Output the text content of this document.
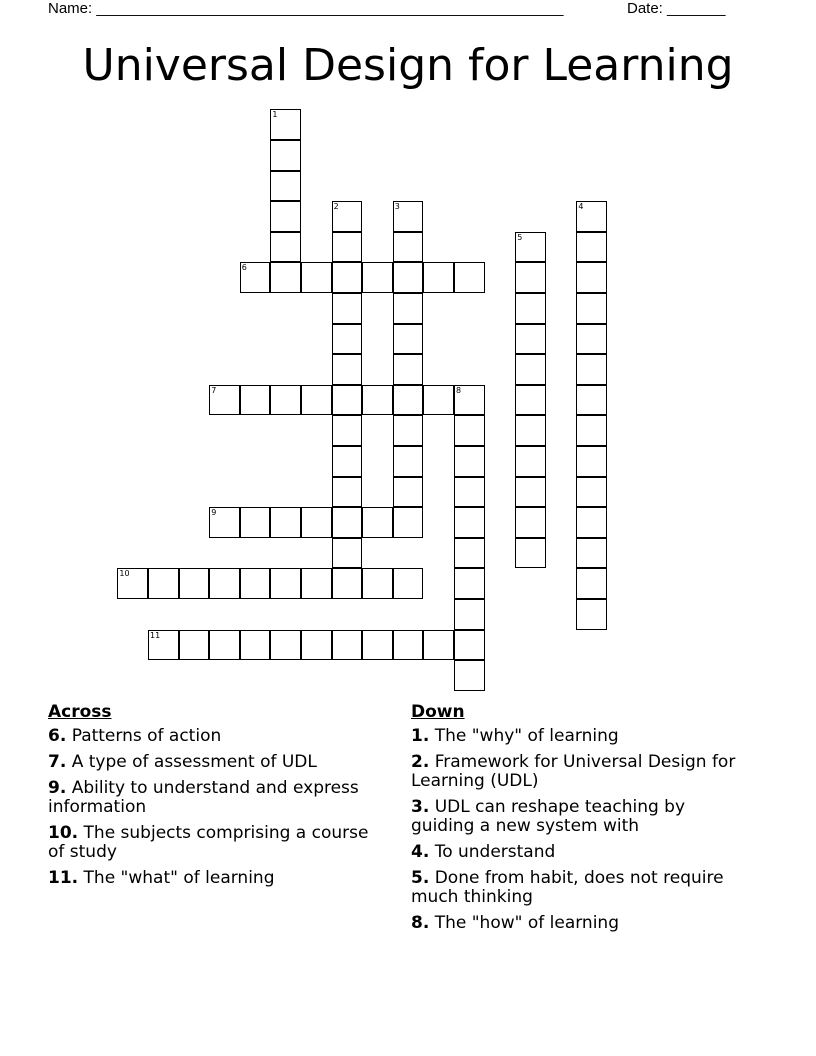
Name: ________________________________________________________	Date: _______
Universal Design for Learning
1
2	3	4
5
6
7	8
9
10
11
Across
6. Patterns of action
7. A type of assessment of UDL
9. Ability to understand and express information
10. The subjects comprising a course of study
11. The "what" of learning
Down
1. The "why" of learning
2. Framework for Universal Design for Learning (UDL)
3. UDL can reshape teaching by guiding a new system with
4. To understand
5. Done from habit, does not require much thinking
8. The "how" of learning
